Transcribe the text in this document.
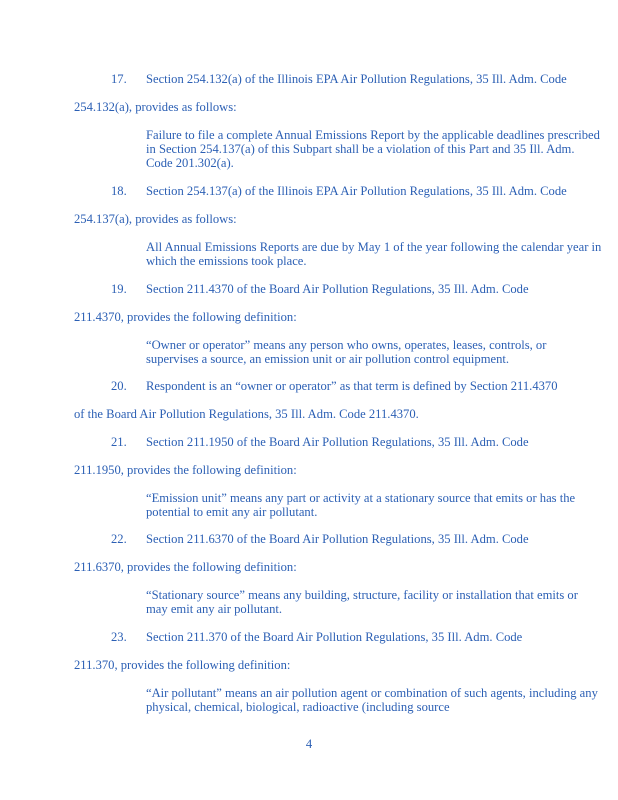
17. Section 254.132(a) of the Illinois EPA Air Pollution Regulations, 35 Ill. Adm. Code
254.132(a), provides as follows:
Failure to file a complete Annual Emissions Report by the applicable deadlines prescribed in Section 254.137(a) of this Subpart shall be a violation of this Part and 35 Ill. Adm. Code 201.302(a).
18. Section 254.137(a) of the Illinois EPA Air Pollution Regulations, 35 Ill. Adm. Code
254.137(a), provides as follows:
All Annual Emissions Reports are due by May 1 of the year following the calendar year in which the emissions took place.
19. Section 211.4370 of the Board Air Pollution Regulations, 35 Ill. Adm. Code
211.4370, provides the following definition:
“Owner or operator” means any person who owns, operates, leases, controls, or supervises a source, an emission unit or air pollution control equipment.
20. Respondent is an “owner or operator” as that term is defined by Section 211.4370
of the Board Air Pollution Regulations, 35 Ill. Adm. Code 211.4370.
21. Section 211.1950 of the Board Air Pollution Regulations, 35 Ill. Adm. Code
211.1950, provides the following definition:
“Emission unit” means any part or activity at a stationary source that emits or has the potential to emit any air pollutant.
22. Section 211.6370 of the Board Air Pollution Regulations, 35 Ill. Adm. Code
211.6370, provides the following definition:
“Stationary source” means any building, structure, facility or installation that emits or may emit any air pollutant.
23. Section 211.370 of the Board Air Pollution Regulations, 35 Ill. Adm. Code
211.370, provides the following definition:
“Air pollutant” means an air pollution agent or combination of such agents, including any physical, chemical, biological, radioactive (including source
4
